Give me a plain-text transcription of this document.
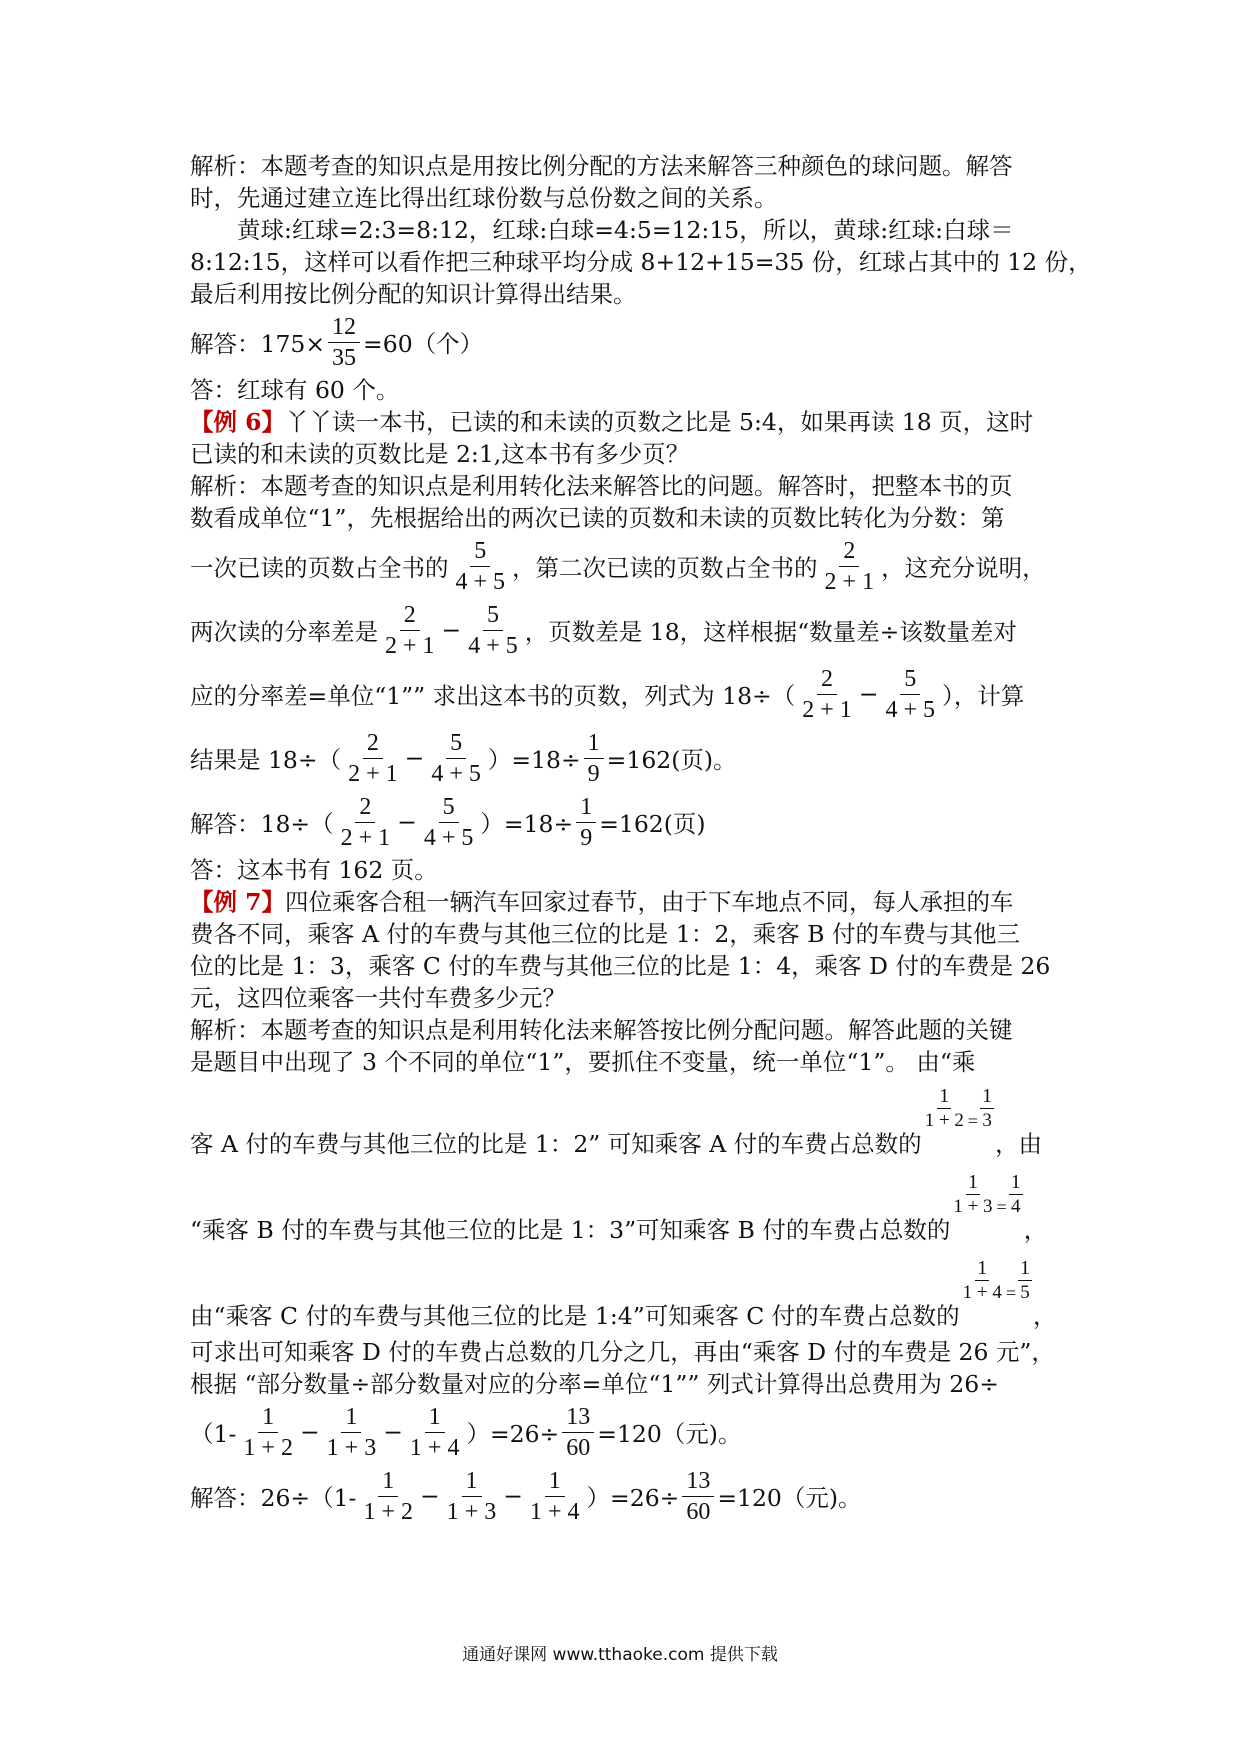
解析：本题考查的知识点是用按比例分配的方法来解答三种颜色的球问题。解答
时，先通过建立连比得出红球份数与总份数之间的关系。
黄球:红球=2:3=8:12，红球:白球=4:5=12:15，所以，黄球:红球:白球＝
8:12:15，这样可以看作把三种球平均分成 8+12+15=35 份，红球占其中的 12 份，
最后利用按比例分配的知识计算得出结果。
解答：$175\times \frac{12}{35} =60$（个）
答：红球有 60 个。
【例 6】丫丫读一本书，已读的和未读的页数之比是 5:4，如果再读 18 页，这时
已读的和未读的页数比是 2:1,这本书有多少页？
解析：本题考查的知识点是利用转化法来解答比的问题。解答时，把整本书的页
数看成单位“1”，先根据给出的两次已读的页数和未读的页数比转化为分数：第
一次已读的页数占全书的 $\frac{5}{4 + 5}$ ，第二次已读的页数占全书的 $\frac{2}{2 + 1}$ ，这充分说明，
两次读的分率差是 $\frac{2}{2 + 1} - \frac{5}{4 + 5}$ ，页数差是 18，这样根据“数量差÷该数量差对
应的分率差=单位“1”” 求出这本书的页数，列式为 $18\div( \frac{2}{2 + 1} - \frac{5}{4 + 5}$ ），计算
结果是 $18\div( \frac{2}{2 + 1} - \frac{5}{4 + 5} )=18\div \frac{1}{9} =162$(页)。
解答：$18\div( \frac{2}{2 + 1} - \frac{5}{4 + 5} )=18\div \frac{1}{9} =162$(页)
答：这本书有 162 页。
【例 7】四位乘客合租一辆汽车回家过春节，由于下车地点不同，每人承担的车
费各不同，乘客 A 付的车费与其他三位的比是 1：2，乘客 B 付的车费与其他三
位的比是 1：3，乘客 C 付的车费与其他三位的比是 1：4，乘客 D 付的车费是 26
元，这四位乘客一共付车费多少元？
解析：本题考查的知识点是利用转化法来解答按比例分配问题。解答此题的关键
是题目中出现了 3 个不同的单位“1”，要抓住不变量，统一单位“1”。 由“乘
客 A 付的车费与其他三位的比是 1：2” 可知乘客 A 付的车费占总数的
$\frac{1}{1 + 2} = \frac{1}{3}$
，由
“乘客 B 付的车费与其他三位的比是 1：3”可知乘客 B 付的车费占总数的
$\frac{1}{1 + 3} = \frac{1}{4}$
，
由“乘客 C 付的车费与其他三位的比是 1:4”可知乘客 C 付的车费占总数的
$\frac{1}{1 + 4} = \frac{1}{5}$
，
可求出可知乘客 D 付的车费占总数的几分之几，再由“乘客 D 付的车费是 26 元”，
根据 “部分数量÷部分数量对应的分率=单位“1”” 列式计算得出总费用为 26÷
$(1- \frac{1}{1 + 2} - \frac{1}{1 + 3} - \frac{1}{1 + 4} )=26\div \frac{13}{60} =120$（元)。
解答：$26\div(1- \frac{1}{1 + 2} - \frac{1}{1 + 3} - \frac{1}{1 + 4} )=26\div \frac{13}{60} =120$（元)。
通通好课网 www.tthaoke.com 提供下载
